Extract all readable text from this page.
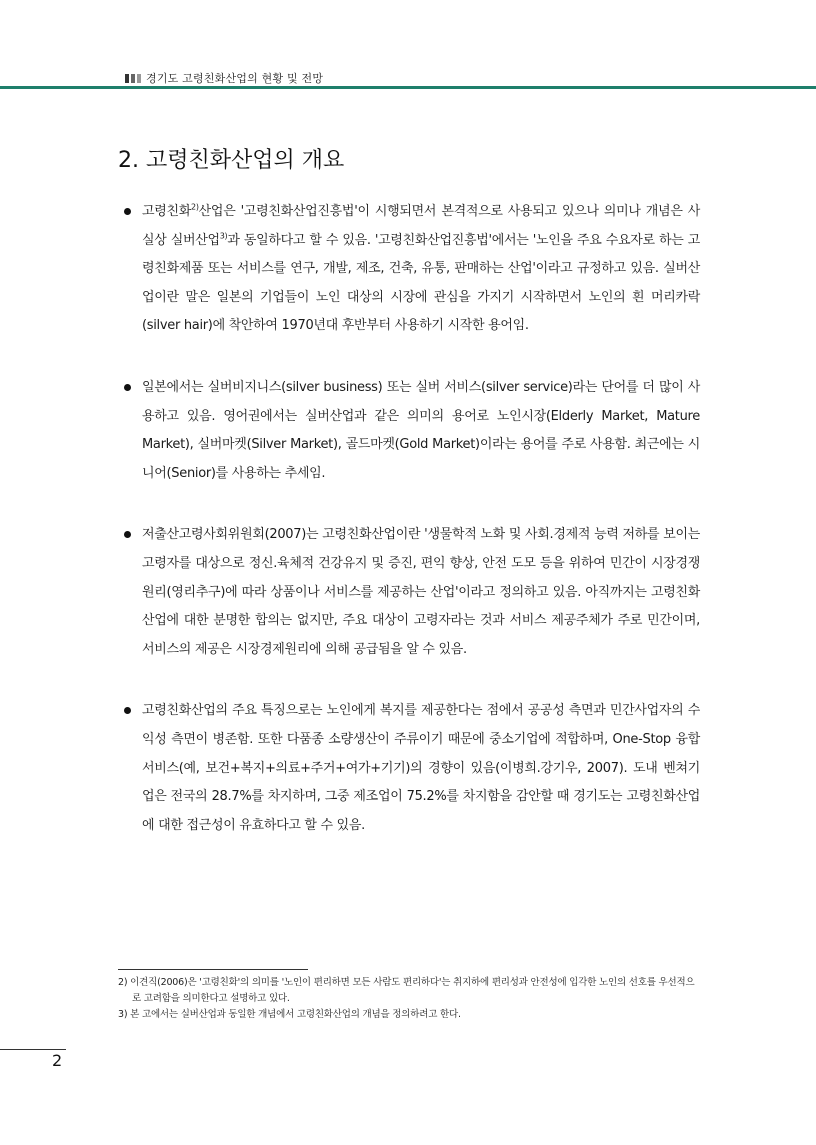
경기도 고령친화산업의 현황 및 전망
2. 고령친화산업의 개요
고령친화$^{2)}$산업은 '고령친화산업진흥법'이 시행되면서 본격적으로 사용되고 있으나 의미나 개념은 사실상 실버산업$^{3)}$과 동일하다고 할 수 있음. '고령친화산업진흥법'에서는 '노인을 주요 수요자로 하는 고령친화제품 또는 서비스를 연구, 개발, 제조, 건축, 유통, 판매하는 산업'이라고 규정하고 있음. 실버산업이란 말은 일본의 기업들이 노인 대상의 시장에 관심을 가지기 시작하면서 노인의 흰 머리카락(silver hair)에 착안하여 1970년대 후반부터 사용하기 시작한 용어임.
일본에서는 실버비지니스(silver business) 또는 실버 서비스(silver service)라는 단어를 더 많이 사용하고 있음. 영어권에서는 실버산업과 같은 의미의 용어로 노인시장(Elderly Market, Mature Market), 실버마켓(Silver Market), 골드마켓(Gold Market)이라는 용어를 주로 사용함. 최근에는 시니어(Senior)를 사용하는 추세임.
저출산고령사회위원회(2007)는 고령친화산업이란 '생물학적 노화 및 사회.경제적 능력 저하를 보이는 고령자를 대상으로 정신.육체적 건강유지 및 증진, 편익 향상, 안전 도모 등을 위하여 민간이 시장경쟁 원리(영리추구)에 따라 상품이나 서비스를 제공하는 산업'이라고 정의하고 있음. 아직까지는 고령친화산업에 대한 분명한 합의는 없지만, 주요 대상이 고령자라는 것과 서비스 제공주체가 주로 민간이며, 서비스의 제공은 시장경제원리에 의해 공급됨을 알 수 있음.
고령친화산업의 주요 특징으로는 노인에게 복지를 제공한다는 점에서 공공성 측면과 민간사업자의 수익성 측면이 병존함. 또한 다품종 소량생산이 주류이기 때문에 중소기업에 적합하며, One-Stop 융합서비스(예, 보건+복지+의료+주거+여가+기기)의 경향이 있음(이병희.강기우, 2007). 도내 벤쳐기업은 전국의 28.7%를 차지하며, 그중 제조업이 75.2%를 차지함을 감안할 때 경기도는 고령친화산업에 대한 접근성이 유효하다고 할 수 있음.
2) 이견직(2006)은 '고령친화'의 의미를 '노인이 편리하면 모든 사람도 편리하다'는 취지하에 편리성과 안전성에 입각한 노인의 선호를 우선적으로 고려함을 의미한다고 설명하고 있다.
3) 본 고에서는 실버산업과 동일한 개념에서 고령친화산업의 개념을 정의하려고 한다.
2
